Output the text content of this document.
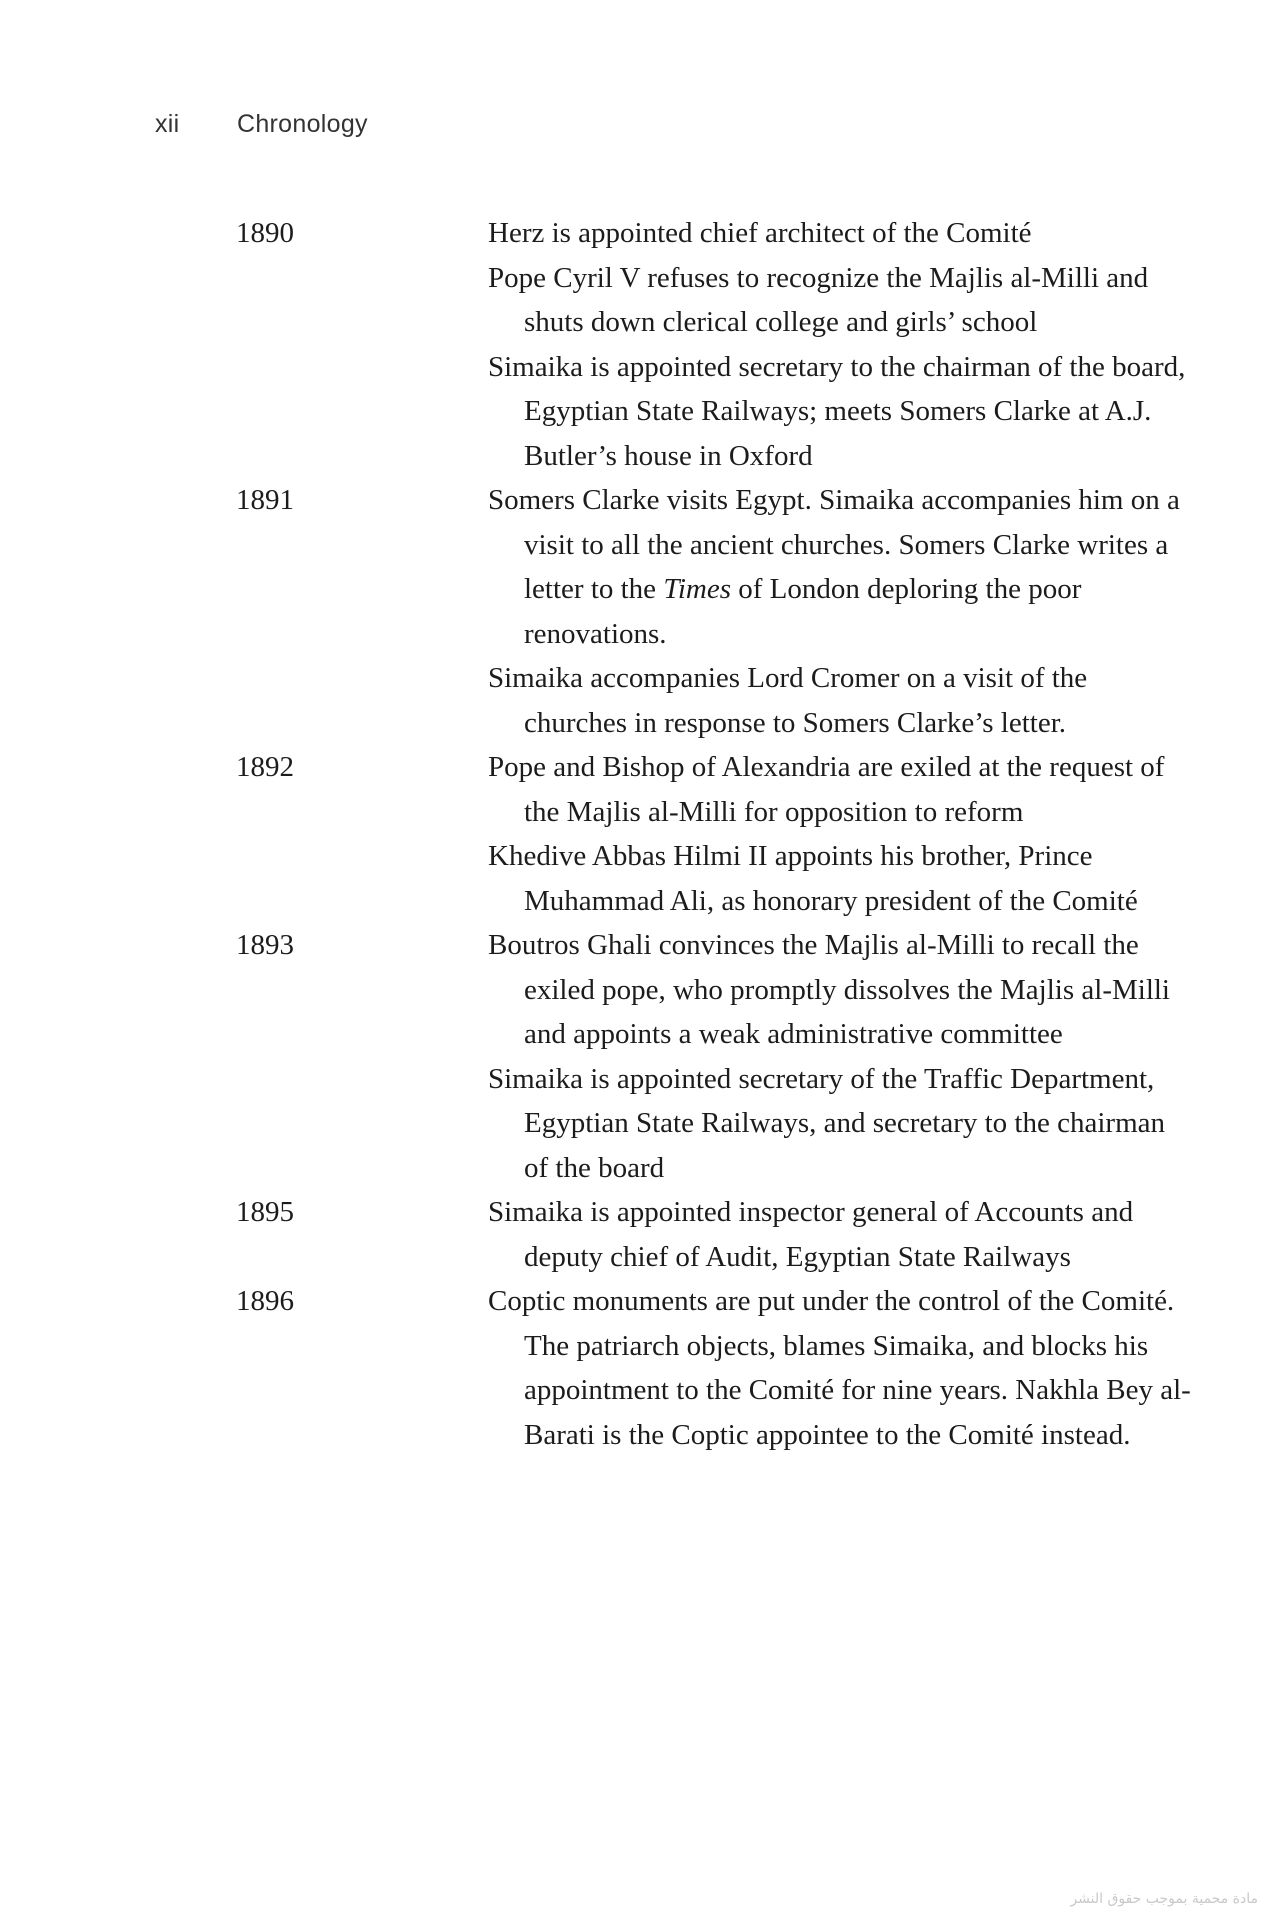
xii Chronology
1890	Herz is appointed chief architect of the Comité

Pope Cyril V refuses to recognize the Majlis al-Milli and shuts down clerical college and girls’ school

Simaika is appointed secretary to the chairman of the board, Egyptian State Railways; meets Somers Clarke at A.J. Butler’s house in Oxford

1891	Somers Clarke visits Egypt. Simaika accompanies him on a visit to all the ancient churches. Somers Clarke writes a letter to the Times of London deploring the poor renovations.

Simaika accompanies Lord Cromer on a visit of the churches in response to Somers Clarke’s letter.

1892	Pope and Bishop of Alexandria are exiled at the request of the Majlis al-Milli for opposition to reform

Khedive Abbas Hilmi II appoints his brother, Prince Muhammad Ali, as honorary president of the Comité

1893	Boutros Ghali convinces the Majlis al-Milli to recall the exiled pope, who promptly dissolves the Majlis al-Milli and appoints a weak administrative committee

Simaika is appointed secretary of the Traffic Department, Egyptian State Railways, and secretary to the chairman of the board

1895	Simaika is appointed inspector general of Accounts and deputy chief of Audit, Egyptian State Railways

1896	Coptic monuments are put under the control of the Comité. The patriarch objects, blames Simaika, and blocks his appointment to the Comité for nine years. Nakhla Bey al-Barati is the Coptic appointee to the Comité instead.

مادة محمية بموجب حقوق النشر
